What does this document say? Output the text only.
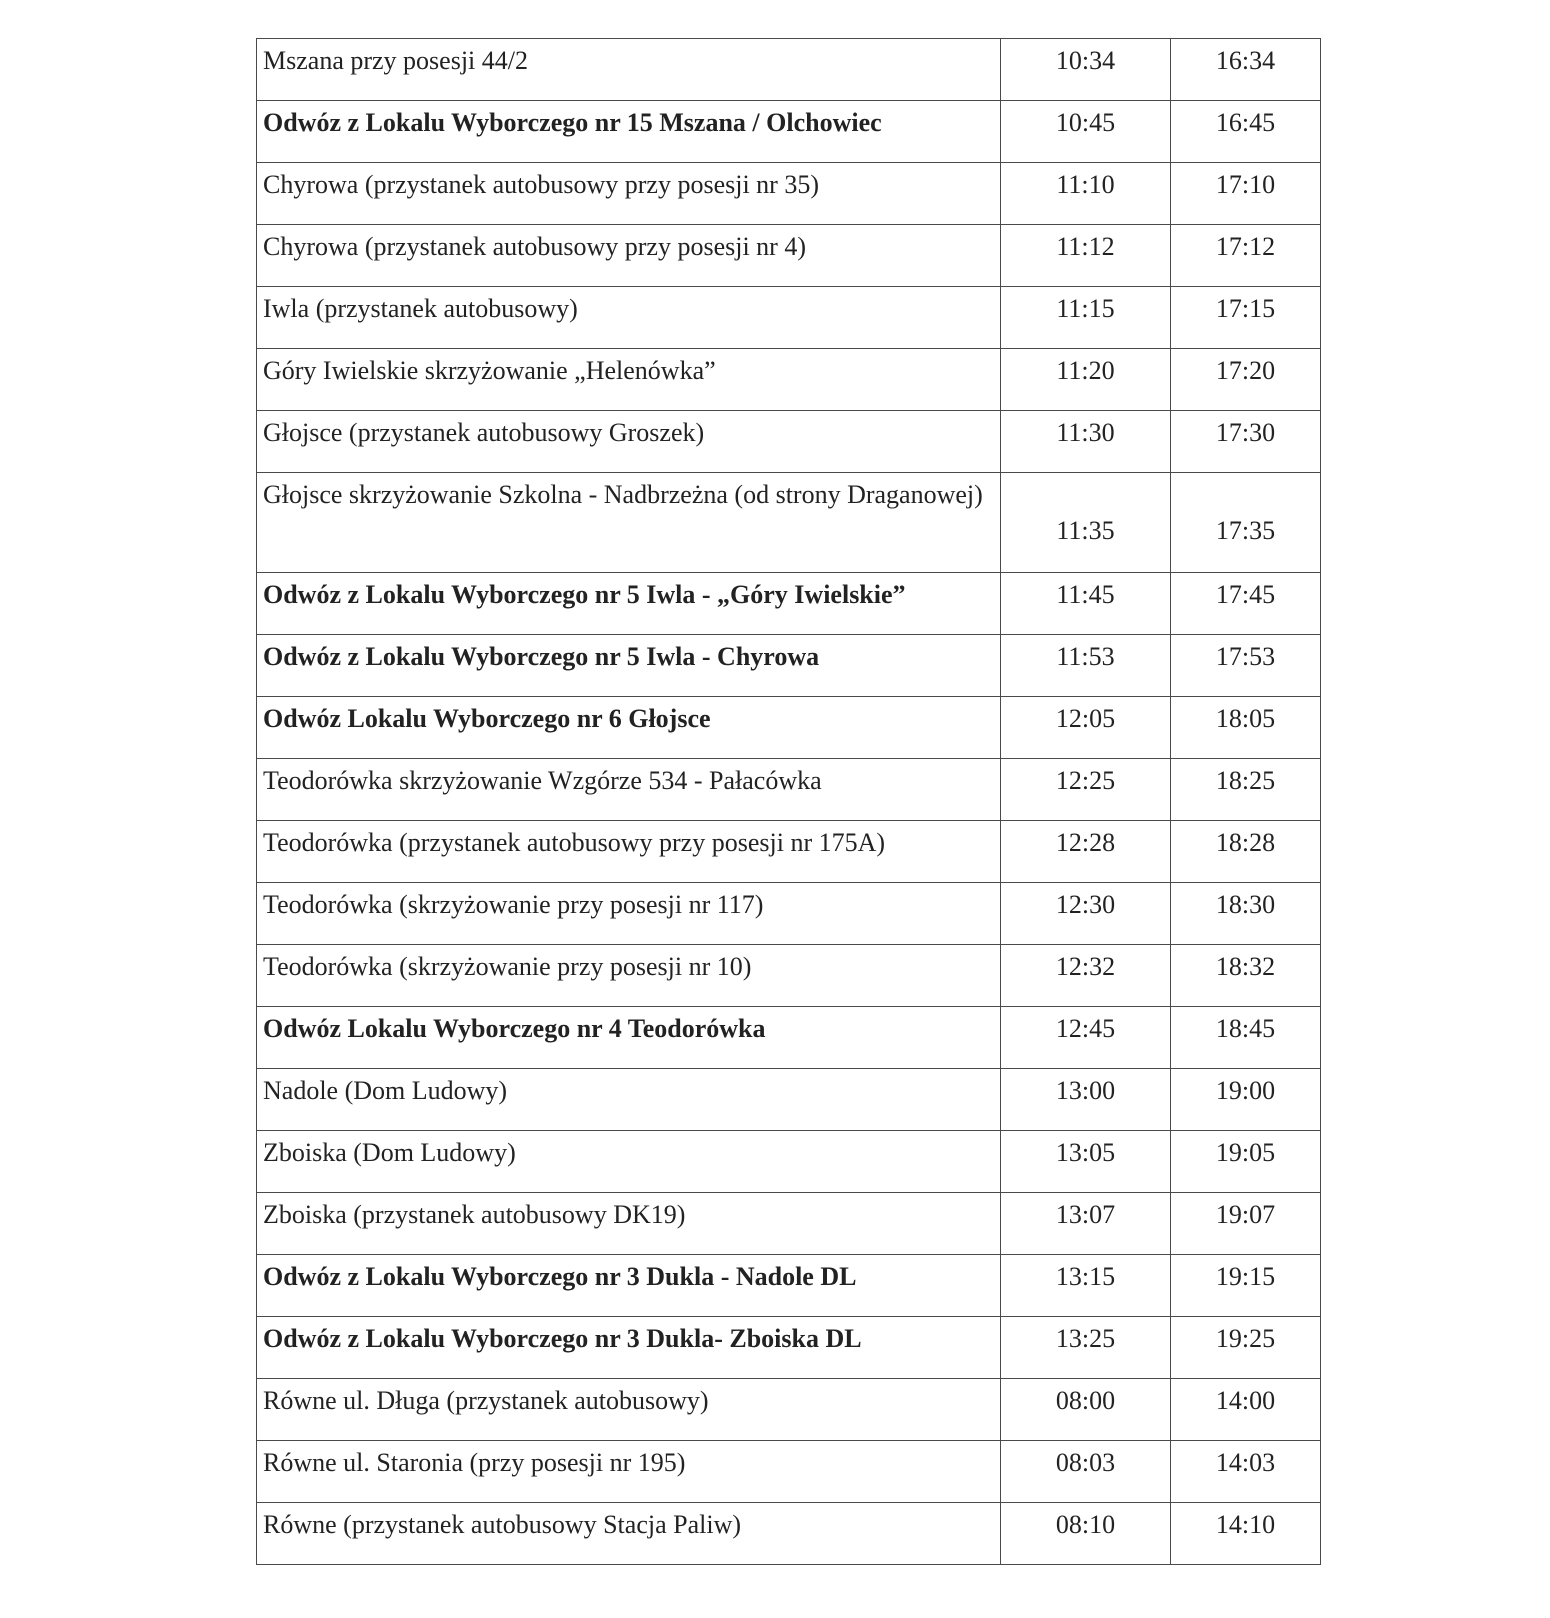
Mszana przy posesji 44/2	10:34	16:34
Odwóz z Lokalu Wyborczego nr 15 Mszana / Olchowiec	10:45	16:45
Chyrowa (przystanek autobusowy przy posesji nr 35)	11:10	17:10
Chyrowa (przystanek autobusowy przy posesji nr 4)	11:12	17:12
Iwla (przystanek autobusowy)	11:15	17:15
Góry Iwielskie skrzyżowanie „Helenówka”	11:20	17:20
Głojsce (przystanek autobusowy Groszek)	11:30	17:30
Głojsce skrzyżowanie Szkolna - Nadbrzeżna (od strony Draganowej)	11:35	17:35
Odwóz z Lokalu Wyborczego nr 5 Iwla - „Góry Iwielskie”	11:45	17:45
Odwóz z Lokalu Wyborczego nr 5 Iwla - Chyrowa	11:53	17:53
Odwóz Lokalu Wyborczego nr 6 Głojsce	12:05	18:05
Teodorówka skrzyżowanie Wzgórze 534 - Pałacówka	12:25	18:25
Teodorówka (przystanek autobusowy przy posesji nr 175A)	12:28	18:28
Teodorówka (skrzyżowanie przy posesji nr 117)	12:30	18:30
Teodorówka (skrzyżowanie przy posesji nr 10)	12:32	18:32
Odwóz Lokalu Wyborczego nr 4 Teodorówka	12:45	18:45
Nadole (Dom Ludowy)	13:00	19:00
Zboiska (Dom Ludowy)	13:05	19:05
Zboiska (przystanek autobusowy DK19)	13:07	19:07
Odwóz z Lokalu Wyborczego nr 3 Dukla - Nadole DL	13:15	19:15
Odwóz z Lokalu Wyborczego nr 3 Dukla- Zboiska DL	13:25	19:25
Równe ul. Długa (przystanek autobusowy)	08:00	14:00
Równe ul. Staronia (przy posesji nr 195)	08:03	14:03
Równe (przystanek autobusowy Stacja Paliw)	08:10	14:10
